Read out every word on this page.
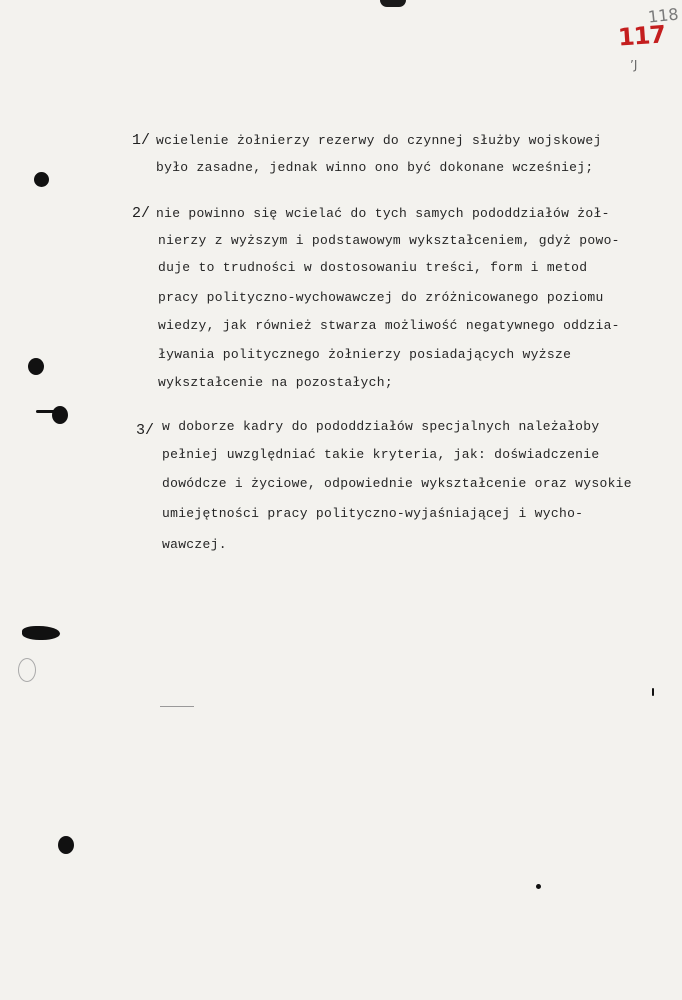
118
117
’J
1/ wcielenie żołnierzy rezerwy do czynnej służby wojskowej
było zasadne, jednak winno ono być dokonane wcześniej;
2/ nie powinno się wcielać do tych samych pododdziałów żoł-
nierzy z wyższym i podstawowym wykształceniem, gdyż powo-
duje to trudności w dostosowaniu treści, form i metod
pracy polityczno-wychowawczej do zróżnicowanego poziomu
wiedzy, jak również stwarza możliwość negatywnego oddzia-
ływania politycznego żołnierzy posiadających wyższe
wykształcenie na pozostałych;
3/ w doborze kadry do pododdziałów specjalnych należałoby
pełniej uwzględniać takie kryteria, jak: doświadczenie
dowódcze i życiowe, odpowiednie wykształcenie oraz wysokie
umiejętności pracy polityczno-wyjaśniającej i wycho-
wawczej.
